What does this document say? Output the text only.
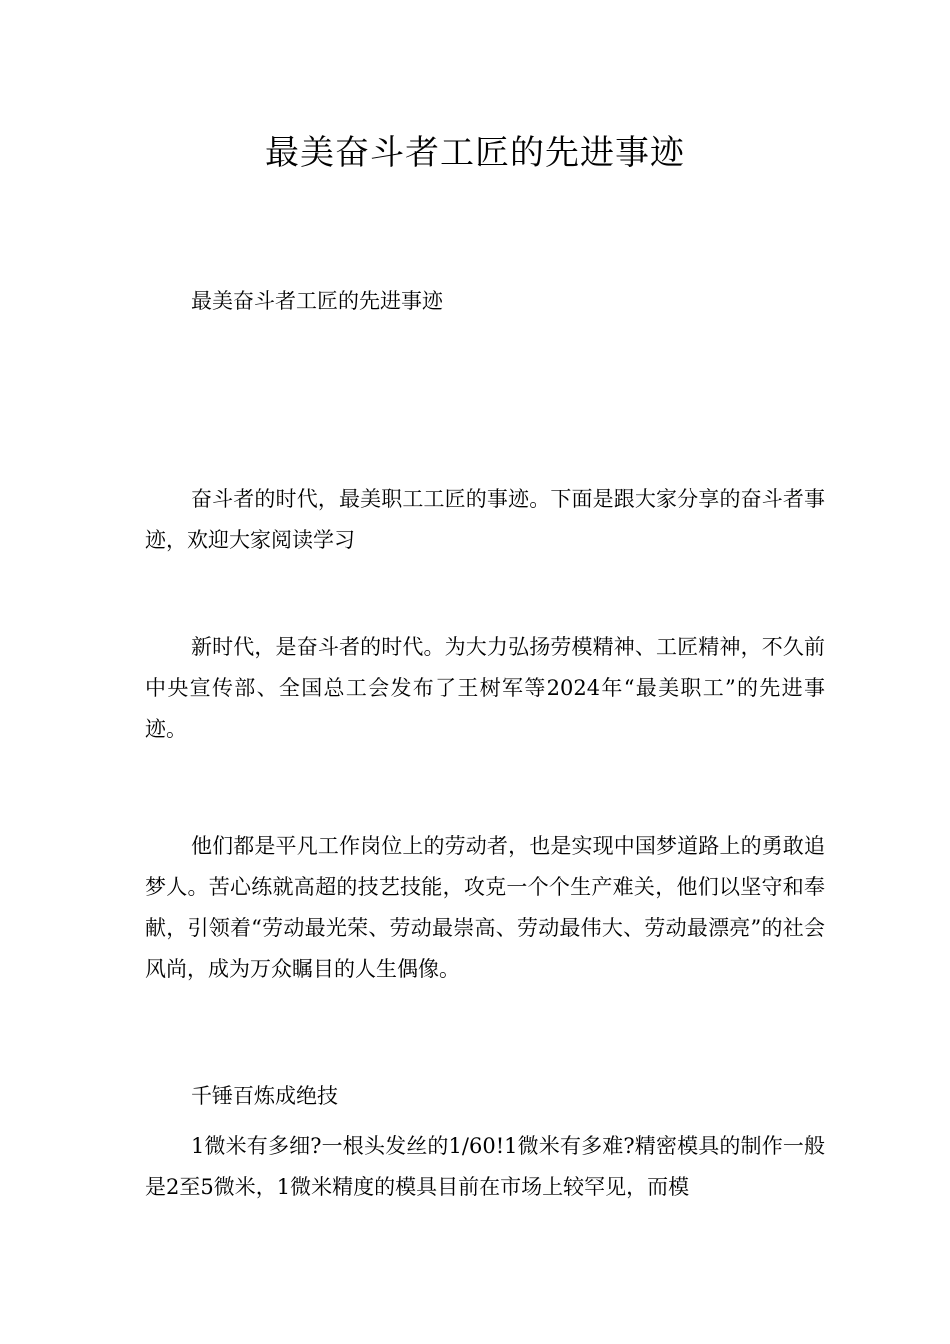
最美奋斗者工匠的先进事迹

最美奋斗者工匠的先进事迹

奋斗者的时代，最美职工工匠的事迹。下面是跟大家分享的奋斗者事迹，欢迎大家阅读学习

新时代，是奋斗者的时代。为大力弘扬劳模精神、工匠精神，不久前中央宣传部、全国总工会发布了王树军等2024年“最美职工”的先进事迹。

他们都是平凡工作岗位上的劳动者，也是实现中国梦道路上的勇敢追梦人。苦心练就高超的技艺技能，攻克一个个生产难关，他们以坚守和奉献，引领着“劳动最光荣、劳动最崇高、劳动最伟大、劳动最漂亮”的社会风尚，成为万众瞩目的人生偶像。

千锤百炼成绝技

1微米有多细?一根头发丝的1/60!1微米有多难?精密模具的制作一般是2至5微米，1微米精度的模具目前在市场上较罕见，而模
